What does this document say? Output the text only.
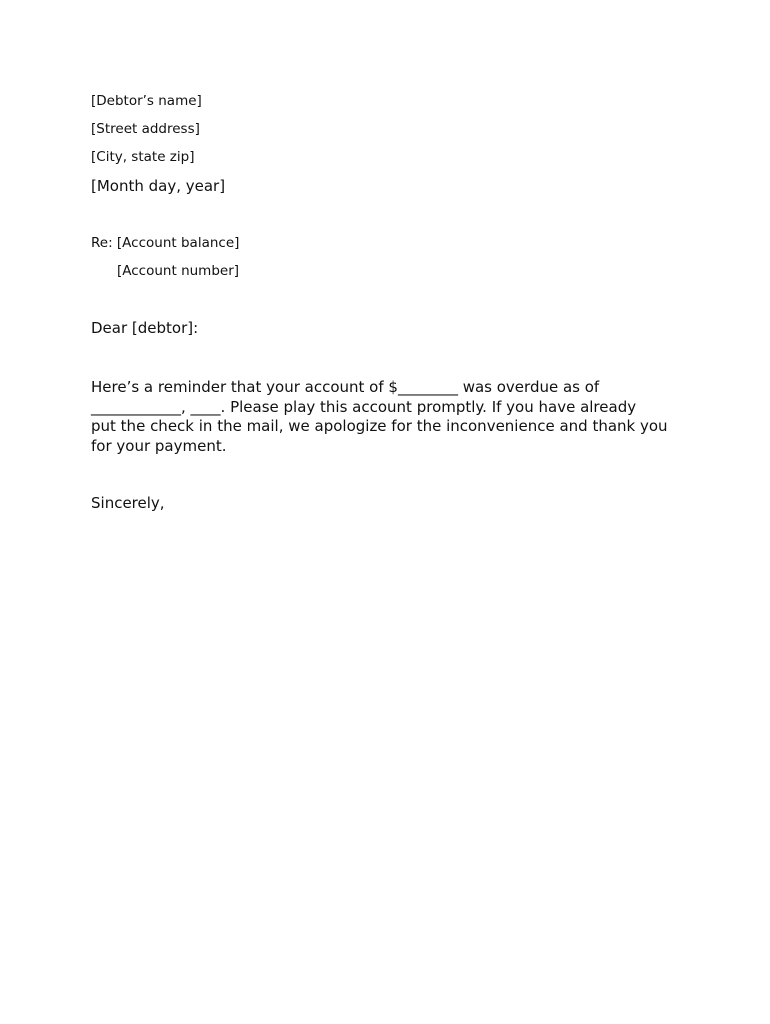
[Debtor’s name]
[Street address]
[City, state zip]
[Month day, year]
Re: [Account balance]
[Account number]
Dear [debtor]:
Here’s a reminder that your account of $________ was overdue as of
____________, ____. Please play this account promptly. If you have already
put the check in the mail, we apologize for the inconvenience and thank you
for your payment.
Sincerely,
